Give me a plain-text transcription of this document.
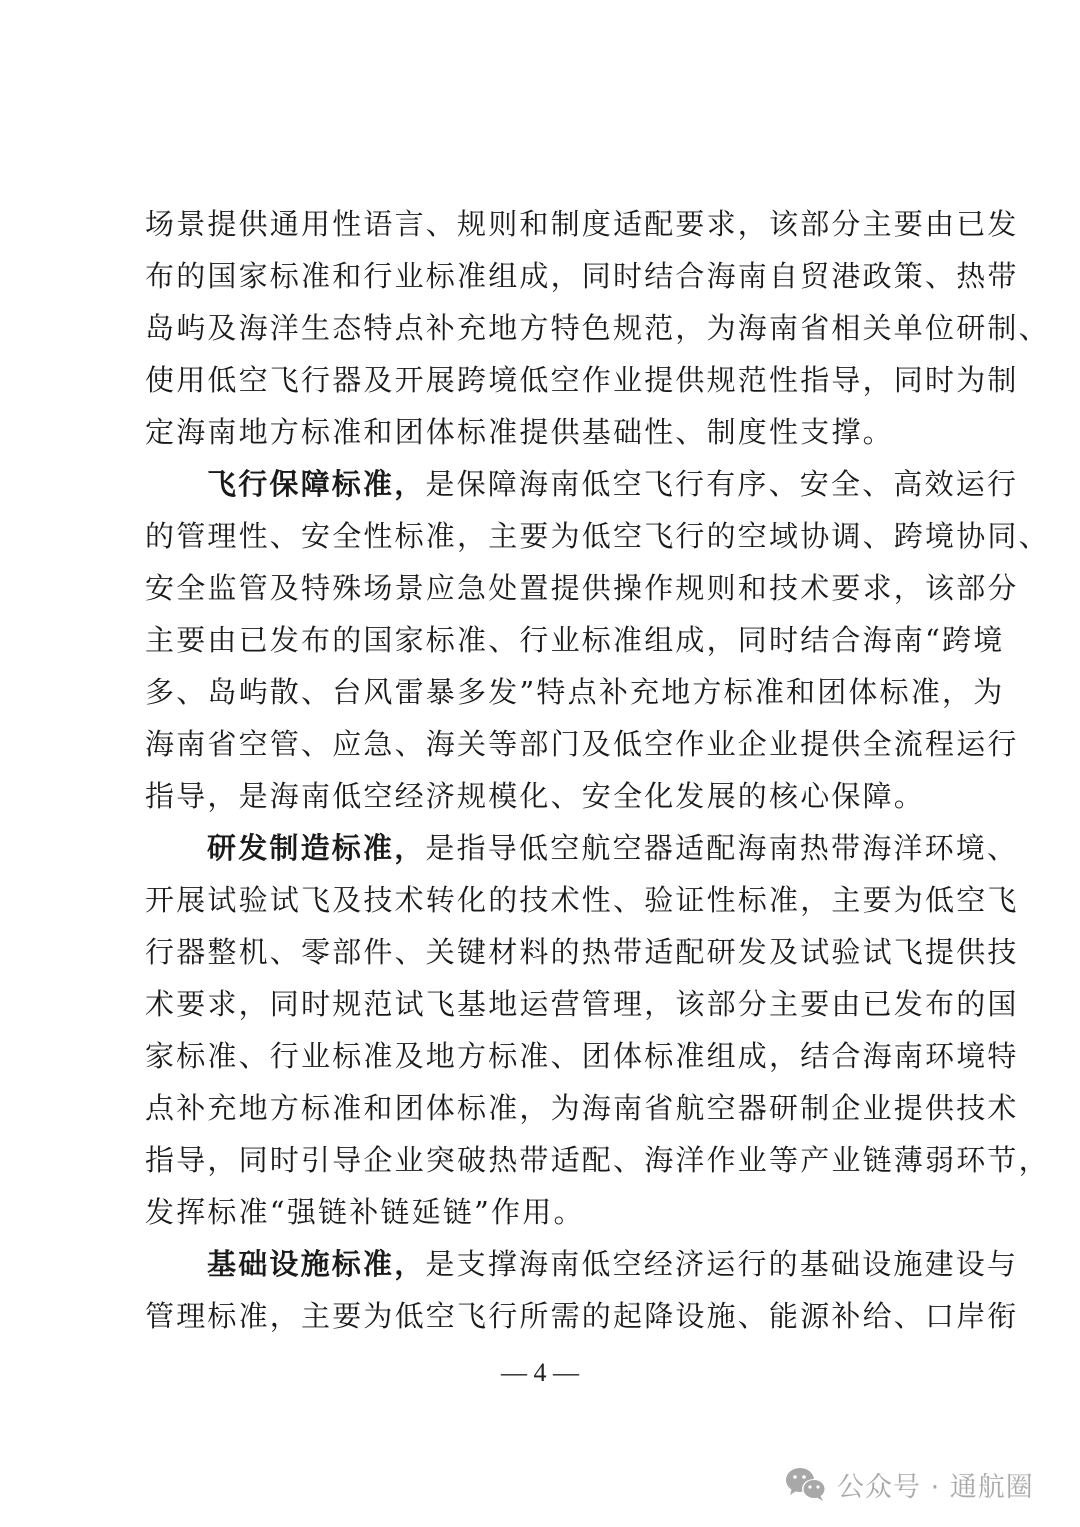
场景提供通用性语言、规则和制度适配要求，该部分主要由已发
布的国家标准和行业标准组成，同时结合海南自贸港政策、热带
岛屿及海洋生态特点补充地方特色规范，为海南省相关单位研制、
使用低空飞行器及开展跨境低空作业提供规范性指导，同时为制
定海南地方标准和团体标准提供基础性、制度性支撑。
飞行保障标准，是保障海南低空飞行有序、安全、高效运行
的管理性、安全性标准，主要为低空飞行的空域协调、跨境协同、
安全监管及特殊场景应急处置提供操作规则和技术要求，该部分
主要由已发布的国家标准、行业标准组成，同时结合海南“跨境
多、岛屿散、台风雷暴多发”特点补充地方标准和团体标准，为
海南省空管、应急、海关等部门及低空作业企业提供全流程运行
指导，是海南低空经济规模化、安全化发展的核心保障。
研发制造标准，是指导低空航空器适配海南热带海洋环境、
开展试验试飞及技术转化的技术性、验证性标准，主要为低空飞
行器整机、零部件、关键材料的热带适配研发及试验试飞提供技
术要求，同时规范试飞基地运营管理，该部分主要由已发布的国
家标准、行业标准及地方标准、团体标准组成，结合海南环境特
点补充地方标准和团体标准，为海南省航空器研制企业提供技术
指导，同时引导企业突破热带适配、海洋作业等产业链薄弱环节，
发挥标准“强链补链延链”作用。
基础设施标准，是支撑海南低空经济运行的基础设施建设与
管理标准，主要为低空飞行所需的起降设施、能源补给、口岸衔
— 4 —
公众号 · 通航圈
